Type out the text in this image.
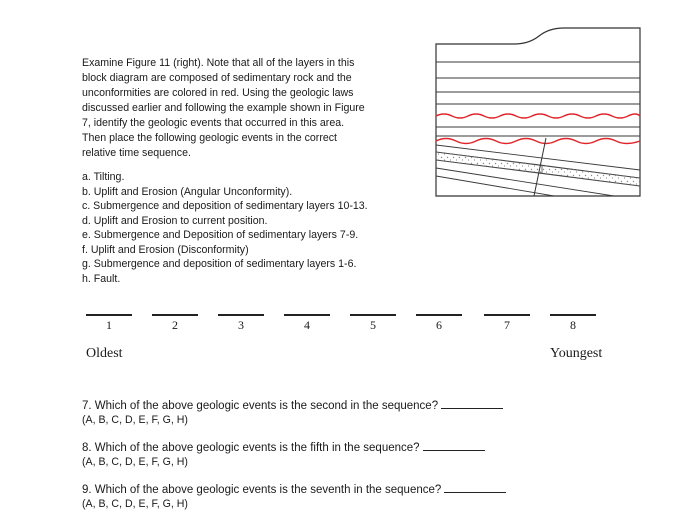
Examine Figure 11 (right). Note that all of the layers in this
block diagram are composed of sedimentary rock and the
unconformities are colored in red. Using the geologic laws
discussed earlier and following the example shown in Figure
7, identify the geologic events that occurred in this area.
Then place the following geologic events in the correct
relative time sequence.
a. Tilting.
b. Uplift and Erosion (Angular Unconformity).
c. Submergence and deposition of sedimentary layers 10-13.
d. Uplift and Erosion to current position.
e. Submergence and Deposition of sedimentary layers 7-9.
f. Uplift and Erosion (Disconformity)
g. Submergence and deposition of sedimentary layers 1-6.
h. Fault.
1	2	3	4	5	6	7	8
Oldest	Youngest
7. Which of the above geologic events is the second in the sequence?
(A, B, C, D, E, F, G, H)
8. Which of the above geologic events is the fifth in the sequence?
(A, B, C, D, E, F, G, H)
9. Which of the above geologic events is the seventh in the sequence?
(A, B, C, D, E, F, G, H)
